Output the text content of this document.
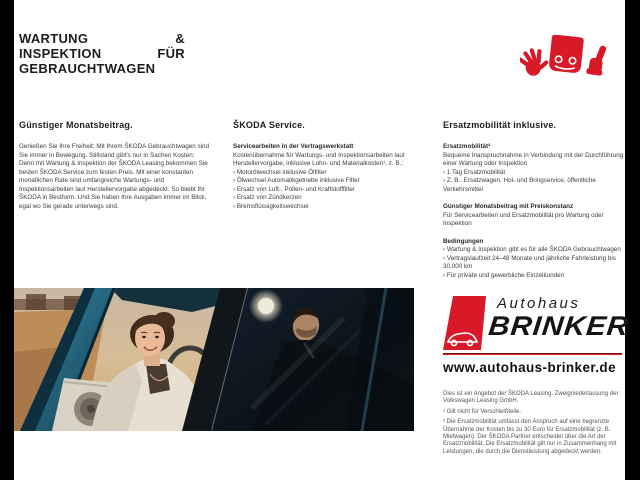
WARTUNG	&
INSPEKTION	FÜR
GEBRAUCHTWAGEN
Günstiger Monatsbeitrag.

Genießen Sie Ihre Freiheit: Mit Ihrem ŠKODA Gebrauchtwagen sind Sie immer in Bewegung. Stillstand gibt's nur in Sachen Kosten: Denn mit Wartung & Inspektion der ŠKODA Leasing bekommen Sie besten ŠKODA Service zum festen Preis. Mit einer konstanten monatlichen Rate sind umfangreiche Wartungs- und Inspektionsarbeiten laut Herstellervorgabe abgedeckt. So bleibt Ihr ŠKODA in Bestform. Und Sie haben Ihre Ausgaben immer im Blick, egal wo Sie gerade unterwegs sind.

ŠKODA Service.

Servicearbeiten in der Vertragswerkstatt

Kostenübernahme für Wartungs- und Inspektionsarbeiten laut Herstellervorgabe, inklusive Lohn- und Materialkosten¹, z. B.:

› Motorölwechsel inklusive Ölfilter
› Ölwechsel Automatikgetriebe inklusive Filter
› Ersatz von Luft-, Pollen- und Kraftstofffilter
› Ersatz von Zündkerzen
› Bremsflüssigkeitswechsel
Ersatzmobilität inklusive.

Ersatzmobilität²

Bequeme Inanspruchnahme in Verbindung mit der Durchführung einer Wartung oder Inspektion

› 1 Tag Ersatzmobilität
› Z. B.: Ersatzwagen, Hol- und Bringservice, öffentliche Verkehrsmittel

Günstiger Monatsbeitrag mit Preiskonstanz

Für Servicearbeiten und Ersatzmobilität pro Wartung oder Inspektion

Bedingungen

› Wartung & Inspektion gibt es für alle ŠKODA Gebrauchtwagen
› Vertragslaufzeit 24–48 Monate und jährliche Fahrleistung bis 30.000 km
› Für private und gewerbliche Einzelkunden
Autohaus
BRINKER
www.autohaus-brinker.de

Dies ist ein Angebot der ŠKODA Leasing, Zweigniederlassung der Volkswagen Leasing GmbH.

¹ Gilt nicht für Verschleißteile.

² Die Ersatzmobilität umfasst den Anspruch auf eine begrenzte Übernahme der Kosten bis zu 30 Euro für Ersatzmobilität (z. B. Mietwagen). Der ŠKODA Partner entscheidet über die Art der Ersatzmobilität. Die Ersatzmobilität gilt nur in Zusammenhang mit Leistungen, die durch die Dienstleistung abgedeckt werden.
